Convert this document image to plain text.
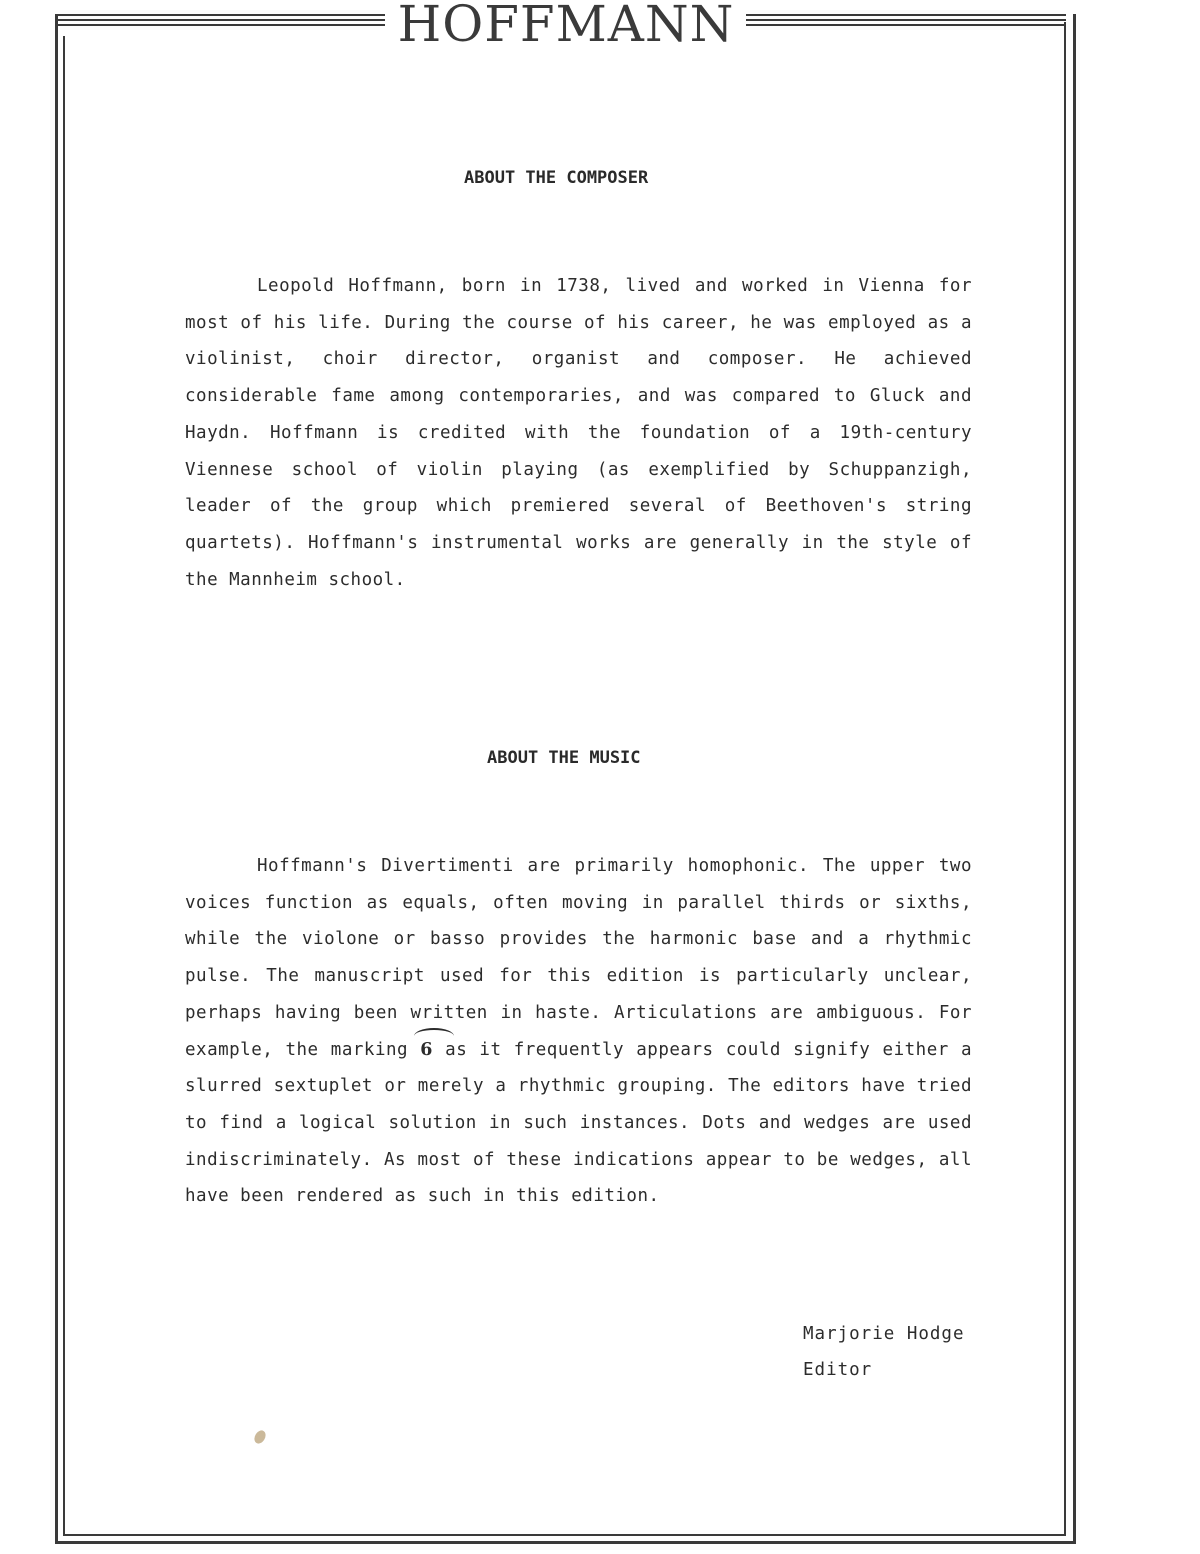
HOFFMANN
ABOUT THE COMPOSER

Leopold Hoffmann, born in 1738, lived and worked in Vienna for most of his life. During the course of his career, he was employed as a violinist, choir director, organist and composer. He achieved considerable fame among contemporaries, and was compared to Gluck and Haydn. Hoffmann is credited with the foundation of a 19th-century Viennese school of violin playing (as exemplified by Schuppanzigh, leader of the group which premiered several of Beethoven's string quartets). Hoffmann's instrumental works are generally in the style of the Mannheim school.

ABOUT THE MUSIC

Hoffmann's Divertimenti are primarily homophonic. The upper two voices function as equals, often moving in parallel thirds or sixths, while the violone or basso provides the harmonic base and a rhythmic pulse. The manuscript used for this edition is particularly unclear, perhaps having been written in haste. Articulations are ambiguous. For example, the marking 6 as it frequently appears could signify either a slurred sextuplet or merely a rhythmic grouping. The editors have tried to find a logical solution in such instances. Dots and wedges are used indiscriminately. As most of these indications appear to be wedges, all have been rendered as such in this edition.

Marjorie Hodge

Editor
